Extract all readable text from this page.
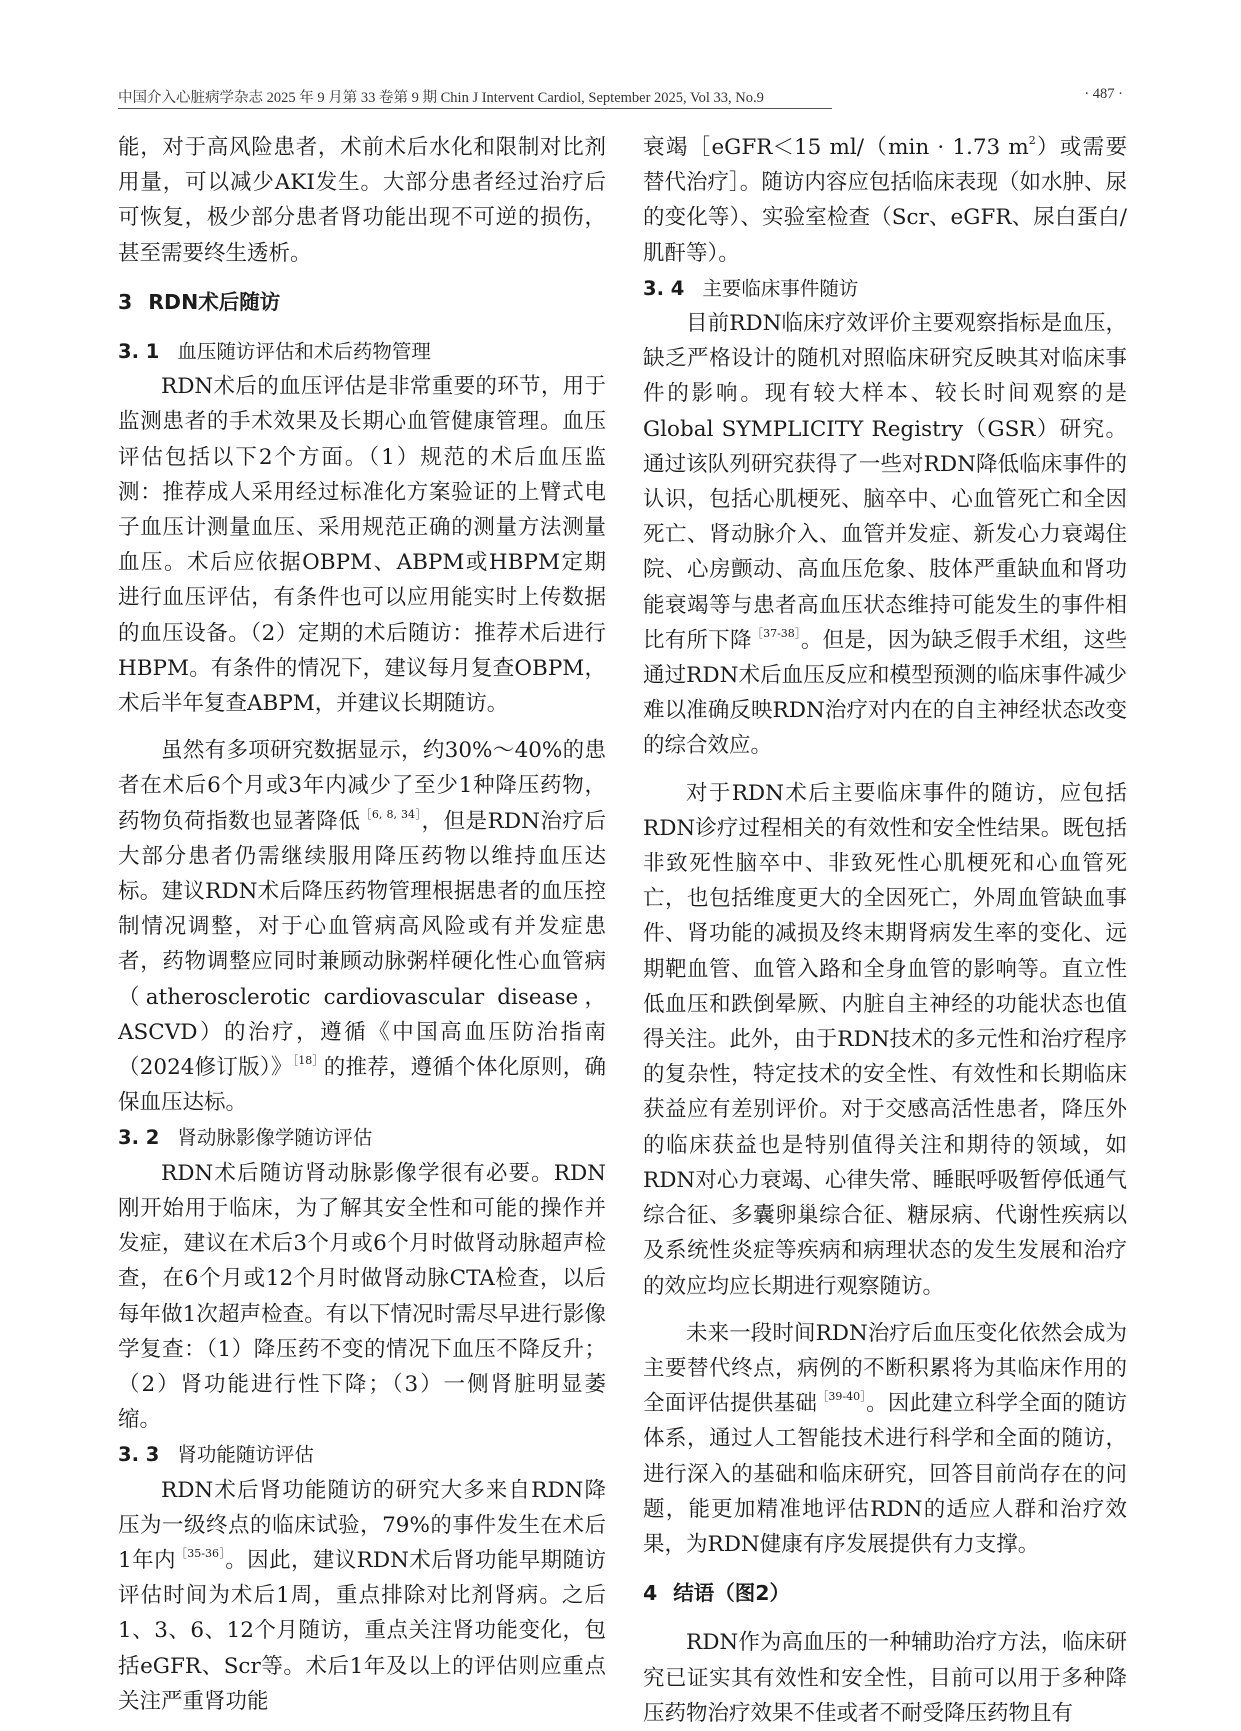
中国介入心脏病学杂志 2025 年 9 月第 33 卷第 9 期 Chin J Intervent Cardiol, September 2025, Vol 33, No.9	· 487 ·

能，对于高风险患者，术前术后水化和限制对比剂用量，可以减少AKI发生。大部分患者经过治疗后可恢复，极少部分患者肾功能出现不可逆的损伤，甚至需要终生透析。

3 RDN术后随访
3. 1 血压随访评估和术后药物管理

RDN术后的血压评估是非常重要的环节，用于监测患者的手术效果及长期心血管健康管理。血压评估包括以下2个方面。（1）规范的术后血压监测：推荐成人采用经过标准化方案验证的上臂式电子血压计测量血压、采用规范正确的测量方法测量血压。术后应依据OBPM、ABPM或HBPM定期进行血压评估，有条件也可以应用能实时上传数据的血压设备。（2）定期的术后随访：推荐术后进行HBPM。有条件的情况下，建议每月复查OBPM，术后半年复查ABPM，并建议长期随访。

虽然有多项研究数据显示，约30%～40%的患者在术后6个月或3年内减少了至少1种降压药物，药物负荷指数也显著降低$^{[6, 8, 34]}$，但是RDN治疗后大部分患者仍需继续服用降压药物以维持血压达标。建议RDN术后降压药物管理根据患者的血压控制情况调整，对于心血管病高风险或有并发症患者，药物调整应同时兼顾动脉粥样硬化性心血管病（atherosclerotic cardiovascular disease，ASCVD）的治疗，遵循《中国高血压防治指南（2024修订版）》$^{[18]}$的推荐，遵循个体化原则，确保血压达标。

3. 2 肾动脉影像学随访评估

RDN术后随访肾动脉影像学很有必要。RDN刚开始用于临床，为了解其安全性和可能的操作并发症，建议在术后3个月或6个月时做肾动脉超声检查，在6个月或12个月时做肾动脉CTA检查，以后每年做1次超声检查。有以下情况时需尽早进行影像学复查：（1）降压药不变的情况下血压不降反升；（2）肾功能进行性下降；（3）一侧肾脏明显萎缩。

3. 3 肾功能随访评估

RDN术后肾功能随访的研究大多来自RDN降压为一级终点的临床试验，79%的事件发生在术后1年内$^{[35-36]}$。因此，建议RDN术后肾功能早期随访评估时间为术后1周，重点排除对比剂肾病。之后1、3、6、12个月随访，重点关注肾功能变化，包括eGFR、Scr等。术后1年及以上的评估则应重点关注严重肾功能

衰竭［eGFR＜15 ml/（min · 1.73 $m^2$）或需要替代治疗］。随访内容应包括临床表现（如水肿、尿的变化等）、实验室检查（Scr、eGFR、尿白蛋白/肌酐等）。

3. 4 主要临床事件随访

目前RDN临床疗效评价主要观察指标是血压，缺乏严格设计的随机对照临床研究反映其对临床事件的影响。现有较大样本、较长时间观察的是Global SYMPLICITY Registry（GSR）研究。通过该队列研究获得了一些对RDN降低临床事件的认识，包括心肌梗死、脑卒中、心血管死亡和全因死亡、肾动脉介入、血管并发症、新发心力衰竭住院、心房颤动、高血压危象、肢体严重缺血和肾功能衰竭等与患者高血压状态维持可能发生的事件相比有所下降$^{[37-38]}$。但是，因为缺乏假手术组，这些通过RDN术后血压反应和模型预测的临床事件减少难以准确反映RDN治疗对内在的自主神经状态改变的综合效应。

对于RDN术后主要临床事件的随访，应包括RDN诊疗过程相关的有效性和安全性结果。既包括非致死性脑卒中、非致死性心肌梗死和心血管死亡，也包括维度更大的全因死亡，外周血管缺血事件、肾功能的减损及终末期肾病发生率的变化、远期靶血管、血管入路和全身血管的影响等。直立性低血压和跌倒晕厥、内脏自主神经的功能状态也值得关注。此外，由于RDN技术的多元性和治疗程序的复杂性，特定技术的安全性、有效性和长期临床获益应有差别评价。对于交感高活性患者，降压外的临床获益也是特别值得关注和期待的领域，如RDN对心力衰竭、心律失常、睡眠呼吸暂停低通气综合征、多囊卵巢综合征、糖尿病、代谢性疾病以及系统性炎症等疾病和病理状态的发生发展和治疗的效应均应长期进行观察随访。

未来一段时间RDN治疗后血压变化依然会成为主要替代终点，病例的不断积累将为其临床作用的全面评估提供基础$^{[39-40]}$。因此建立科学全面的随访体系，通过人工智能技术进行科学和全面的随访，进行深入的基础和临床研究，回答目前尚存在的问题，能更加精准地评估RDN的适应人群和治疗效果，为RDN健康有序发展提供有力支撑。

4 结语（图2）

RDN作为高血压的一种辅助治疗方法，临床研究已证实其有效性和安全性，目前可以用于多种降压药物治疗效果不佳或者不耐受降压药物且有
